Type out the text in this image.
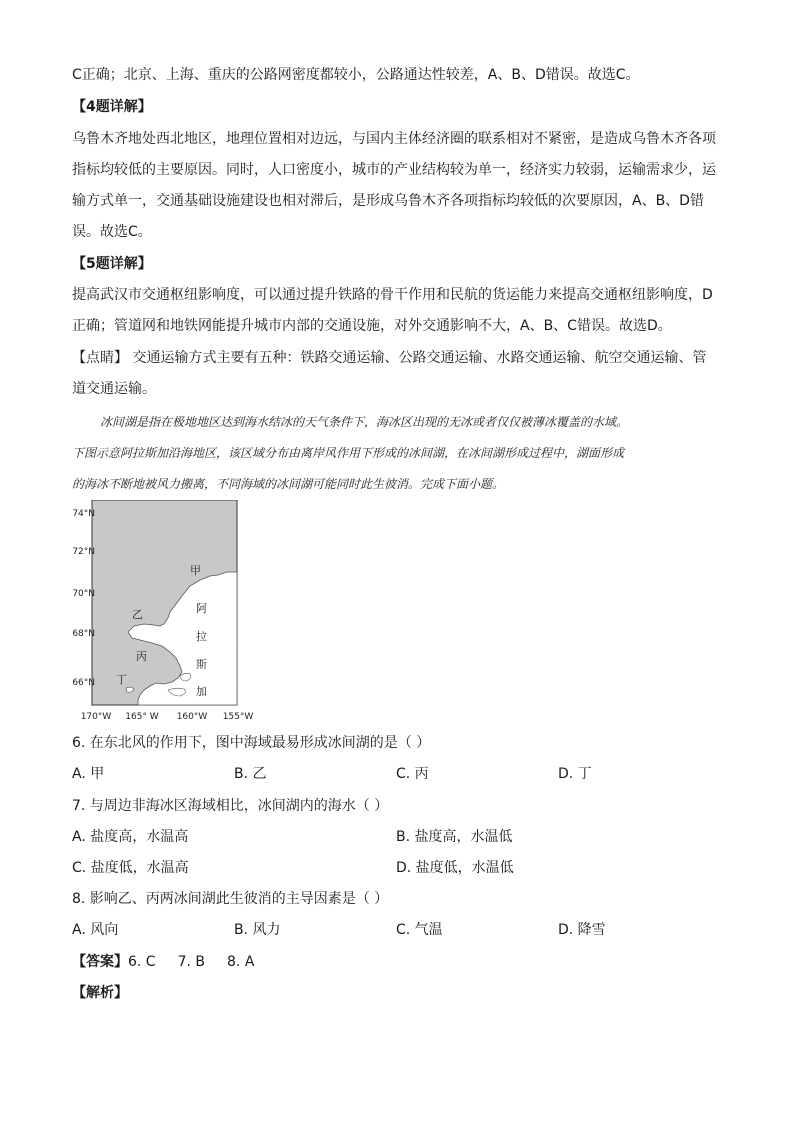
C正确；北京、上海、重庆的公路网密度都较小，公路通达性较差，A、B、D错误。故选C。
【4题详解】
乌鲁木齐地处西北地区，地理位置相对边远，与国内主体经济圈的联系相对不紧密，是造成乌鲁木齐各项
指标均较低的主要原因。同时，人口密度小，城市的产业结构较为单一，经济实力较弱，运输需求少，运
输方式单一，交通基础设施建设也相对滞后，是形成乌鲁木齐各项指标均较低的次要原因，A、B、D错
误。故选C。
【5题详解】
提高武汉市交通枢纽影响度，可以通过提升铁路的骨干作用和民航的货运能力来提高交通枢纽影响度，D
正确；管道网和地铁网能提升城市内部的交通设施，对外交通影响不大，A、B、C错误。故选D。
【点睛】 交通运输方式主要有五种：铁路交通运输、公路交通运输、水路交通运输、航空交通运输、管
道交通运输。
冰间湖是指在极地地区达到海水结冰的天气条件下，海冰区出现的无冰或者仅仅被薄冰覆盖的水域。
下图示意阿拉斯加沿海地区，该区域分布由离岸风作用下形成的冰间湖，在冰间湖形成过程中，湖面形成
的海冰不断地被风力搬离，不同海域的冰间湖可能同时此生彼消。完成下面小题。
74°N
72°N
70°N
68°N
66°N
170°W 165° W 160°W 155°W
甲
乙
丙
丁
阿
拉
斯
加
6. 在东北风的作用下，图中海域最易形成冰间湖的是（ ）
A. 甲	B. 乙	C. 丙	D. 丁
7. 与周边非海冰区海域相比，冰间湖内的海水（ ）
A. 盐度高，水温高	B. 盐度高，水温低
C. 盐度低，水温高	D. 盐度低，水温低
8. 影响乙、丙两冰间湖此生彼消的主导因素是（ ）
A. 风向	B. 风力	C. 气温	D. 降雪
【答案】6. C 7. B 8. A
【解析】
